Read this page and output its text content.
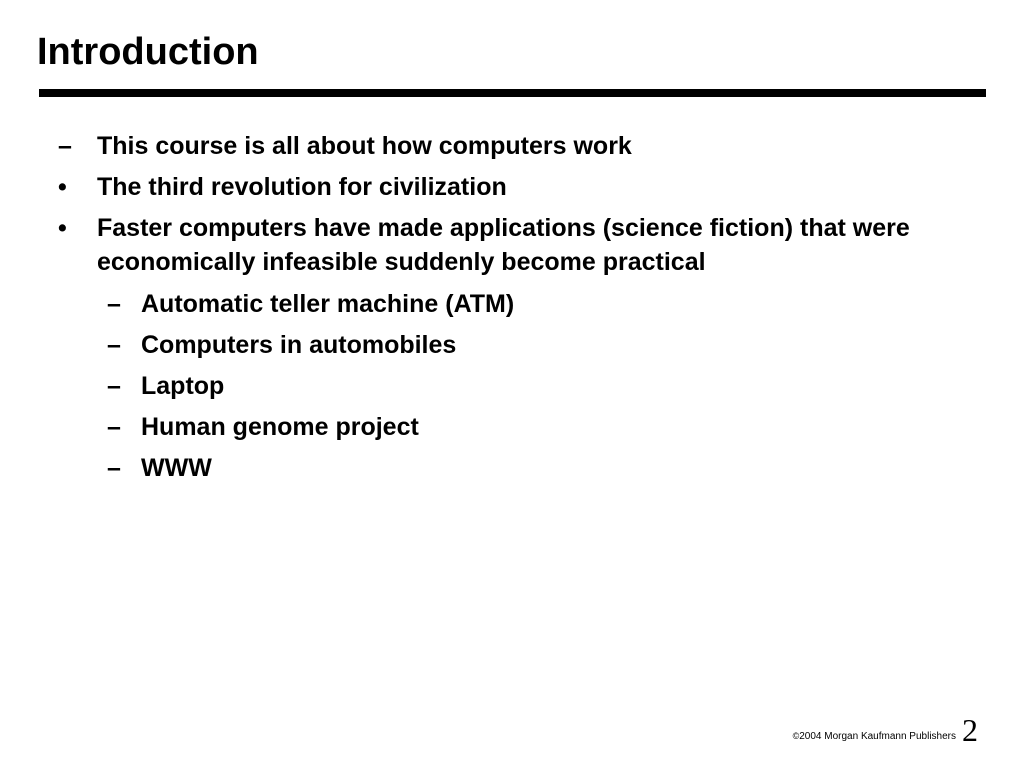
Introduction
– This course is all about how computers work
• The third revolution for civilization
• Faster computers have made applications (science fiction) that were economically infeasible suddenly become practical
– Automatic teller machine (ATM)
– Computers in automobiles
– Laptop
– Human genome project
– WWW
©2004 Morgan Kaufmann Publishers 2
